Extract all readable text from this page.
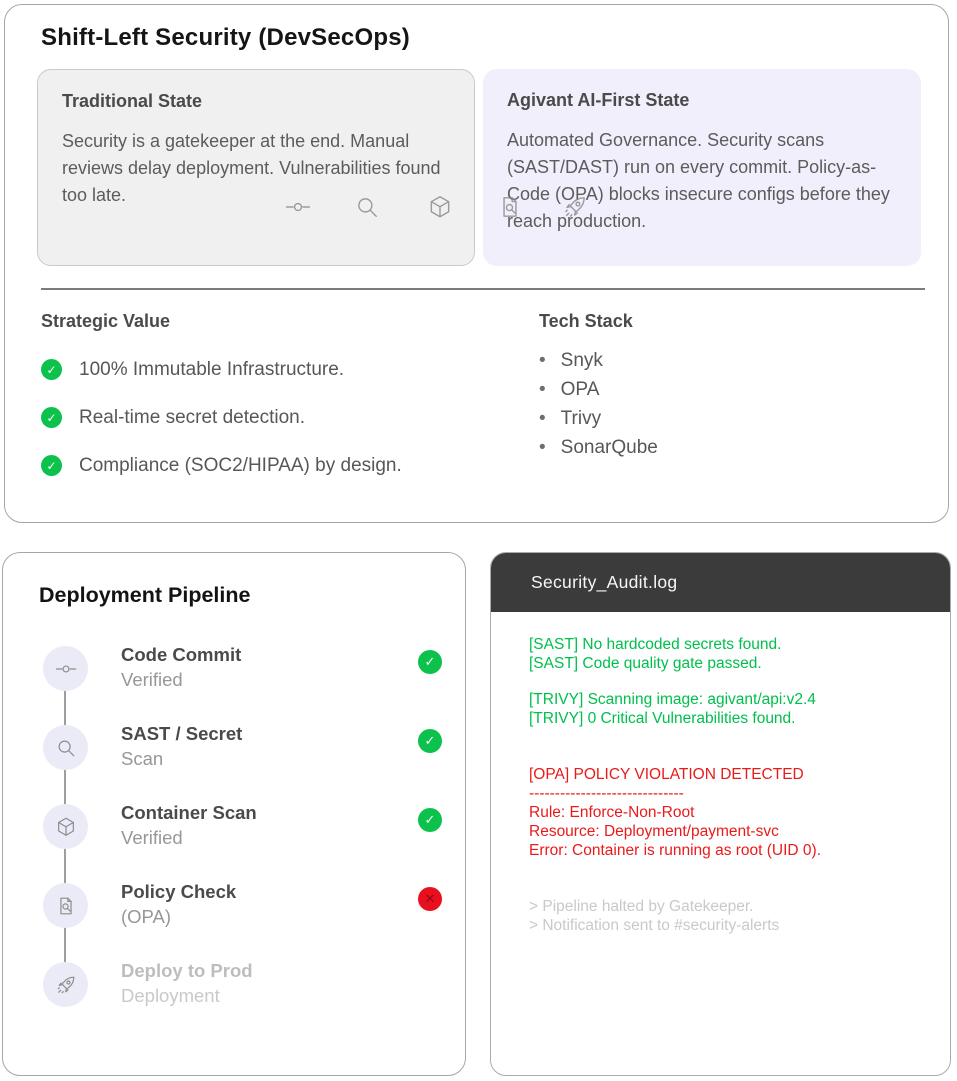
Shift-Left Security (DevSecOps)
Traditional State
Security is a gatekeeper at the end. Manual reviews delay deployment. Vulnerabilities found too late.
Agivant AI-First State
Automated Governance. Security scans (SAST/DAST) run on every commit. Policy-as-Code (OPA) blocks insecure configs before they reach production.
Strategic Value
✓ 100% Immutable Infrastructure.
✓ Real-time secret detection.
✓ Compliance (SOC2/HIPAA) by design.
Tech Stack
• Snyk
• OPA
• Trivy
• SonarQube
Deployment Pipeline
Code Commit
Verified
✓
SAST / Secret
Scan
✓
Container Scan
Verified
✓
Policy Check
(OPA)
✕
Deploy to Prod
Deployment
Security_Audit.log
[SAST] No hardcoded secrets found.
[SAST] Code quality gate passed.
[TRIVY] Scanning image: agivant/api:v2.4
[TRIVY] 0 Critical Vulnerabilities found.
[OPA] POLICY VIOLATION DETECTED
------------------------------
Rule: Enforce-Non-Root
Resource: Deployment/payment-svc
Error: Container is running as root (UID 0).
> Pipeline halted by Gatekeeper.
> Notification sent to #security-alerts
